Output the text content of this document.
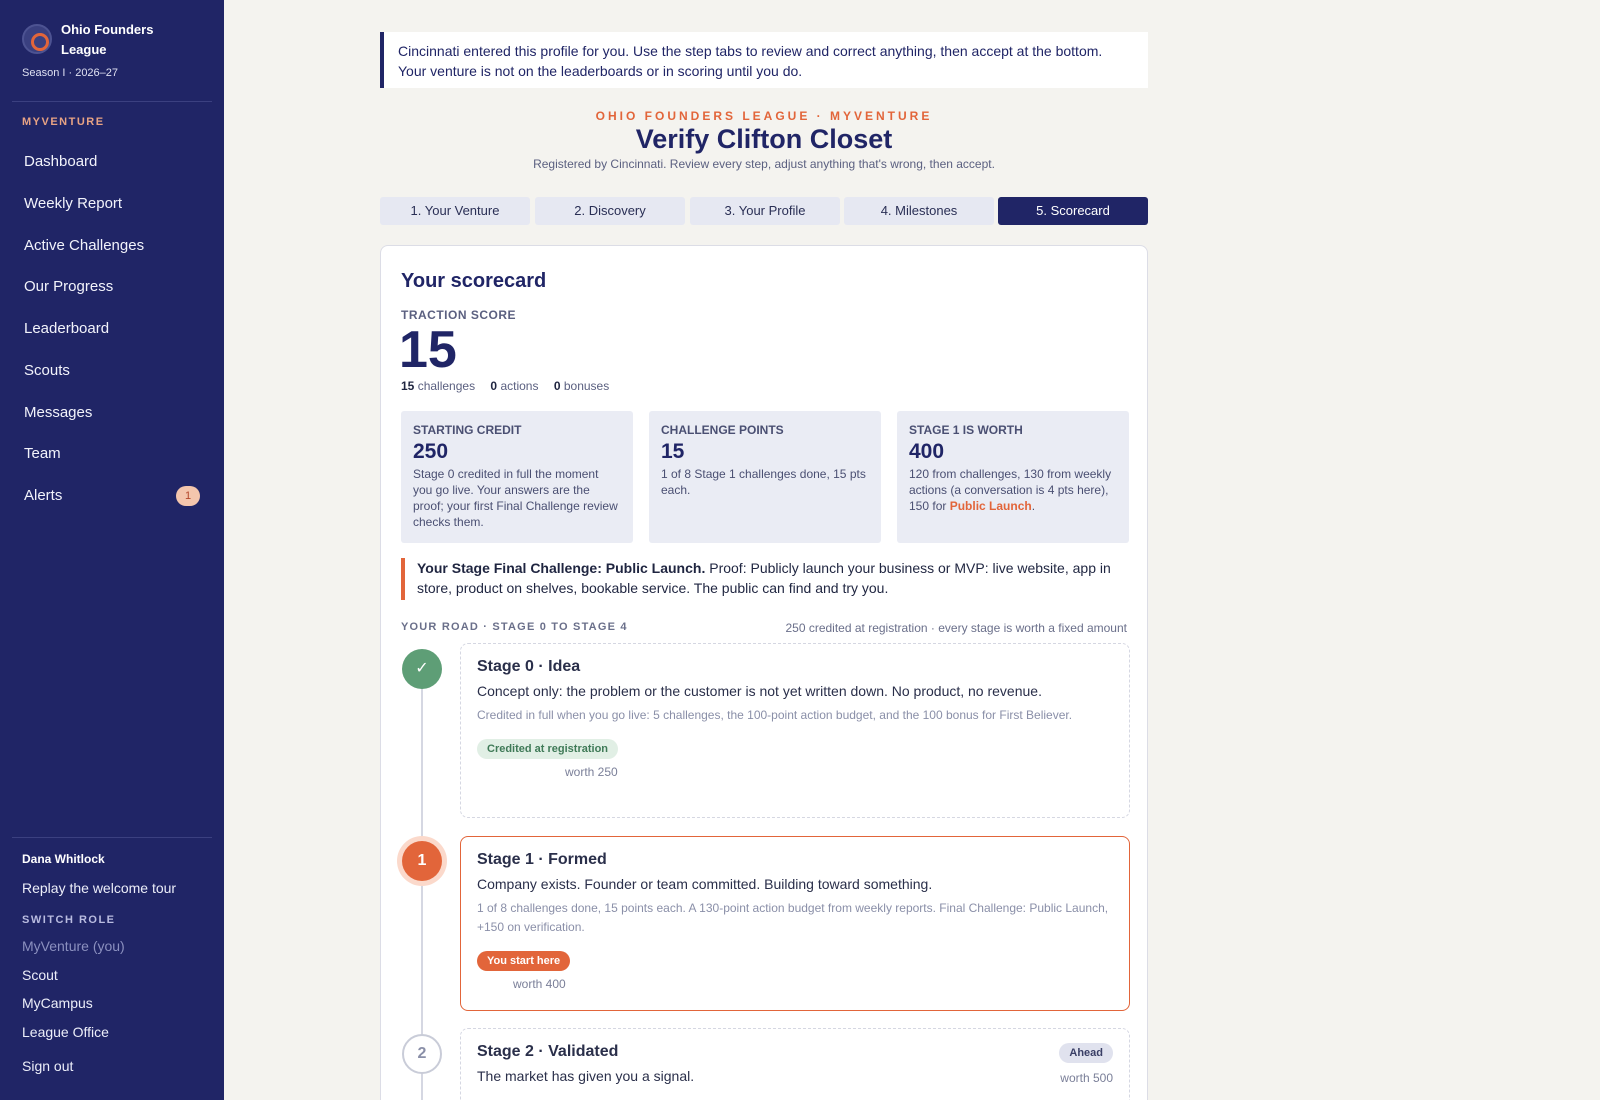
Ohio Founders League
Season I · 2026–27
MYVENTURE
Dashboard
Weekly Report
Active Challenges
Our Progress
Leaderboard
Scouts
Messages
Team
Alerts	1
Dana Whitlock
Replay the welcome tour
SWITCH ROLE
MyVenture (you)
Scout
MyCampus
League Office
Sign out
Cincinnati entered this profile for you. Use the step tabs to review and correct anything, then accept at the bottom. Your venture is not on the leaderboards or in scoring until you do.
OHIO FOUNDERS LEAGUE · MYVENTURE
Verify Clifton Closet
Registered by Cincinnati. Review every step, adjust anything that's wrong, then accept.
1. Your Venture	2. Discovery	3. Your Profile	4. Milestones	5. Scorecard
Your scorecard
TRACTION SCORE
15
15 challenges 0 actions 0 bonuses
STARTING CREDIT
250
Stage 0 credited in full the moment you go live. Your answers are the proof; your first Final Challenge review checks them.
CHALLENGE POINTS
15
1 of 8 Stage 1 challenges done, 15 pts each.
STAGE 1 IS WORTH
400
120 from challenges, 130 from weekly actions (a conversation is 4 pts here), 150 for Public Launch.
Your Stage Final Challenge: Public Launch. Proof: Publicly launch your business or MVP: live website, app in store, product on shelves, bookable service. The public can find and try you.
YOUR ROAD · STAGE 0 TO STAGE 4	250 credited at registration · every stage is worth a fixed amount
✓	Stage 0 · Idea
Concept only: the problem or the customer is not yet written down. No product, no revenue.
Credited in full when you go live: 5 challenges, the 100-point action budget, and the 100 bonus for First Believer.
Credited at registration
worth 250
1	Stage 1 · Formed
Company exists. Founder or team committed. Building toward something.
1 of 8 challenges done, 15 points each. A 130-point action budget from weekly reports. Final Challenge: Public Launch, +150 on verification.
You start here
worth 400
2	Stage 2 · Validated
The market has given you a signal.
Ahead
worth 500
